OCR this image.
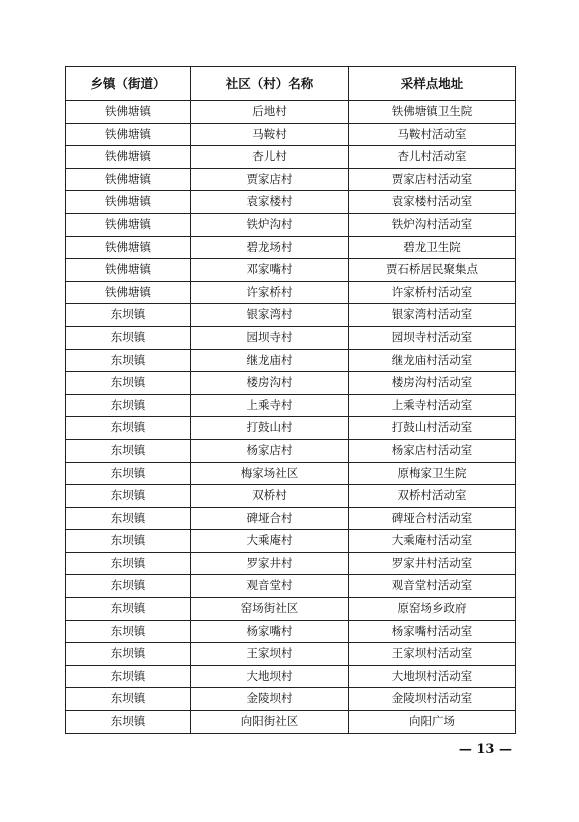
乡镇（街道）	社区（村）名称	采样点地址
铁佛塘镇	后地村	铁佛塘镇卫生院
铁佛塘镇	马鞍村	马鞍村活动室
铁佛塘镇	杏儿村	杏儿村活动室
铁佛塘镇	贾家店村	贾家店村活动室
铁佛塘镇	袁家楼村	袁家楼村活动室
铁佛塘镇	铁炉沟村	铁炉沟村活动室
铁佛塘镇	碧龙场村	碧龙卫生院
铁佛塘镇	邓家嘴村	贾石桥居民聚集点
铁佛塘镇	许家桥村	许家桥村活动室
东坝镇	银家湾村	银家湾村活动室
东坝镇	园坝寺村	园坝寺村活动室
东坝镇	继龙庙村	继龙庙村活动室
东坝镇	楼房沟村	楼房沟村活动室
东坝镇	上乘寺村	上乘寺村活动室
东坝镇	打鼓山村	打鼓山村活动室
东坝镇	杨家店村	杨家店村活动室
东坝镇	梅家场社区	原梅家卫生院
东坝镇	双桥村	双桥村活动室
东坝镇	碑垭合村	碑垭合村活动室
东坝镇	大乘庵村	大乘庵村活动室
东坝镇	罗家井村	罗家井村活动室
东坝镇	观音堂村	观音堂村活动室
东坝镇	窑场街社区	原窑场乡政府
东坝镇	杨家嘴村	杨家嘴村活动室
东坝镇	王家坝村	王家坝村活动室
东坝镇	大地坝村	大地坝村活动室
东坝镇	金陵坝村	金陵坝村活动室
东坝镇	向阳街社区	向阳广场
— 13 —
